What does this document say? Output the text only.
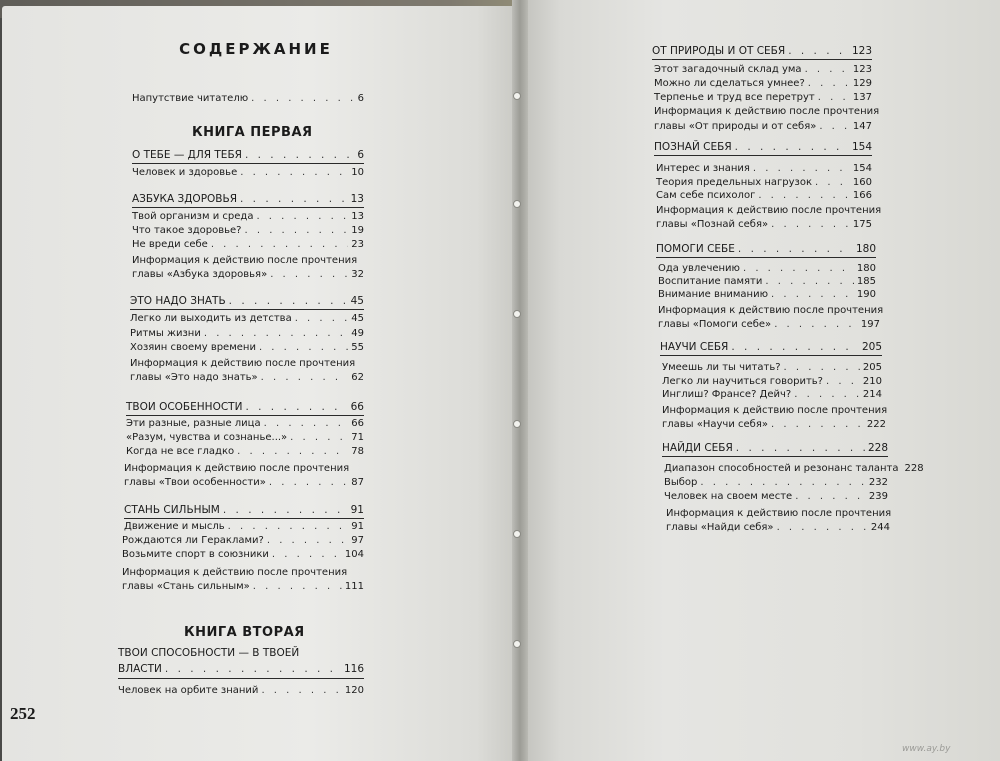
СОДЕРЖАНИЕ
Напутствие читателю . . .	6
КНИГА ПЕРВАЯ
О ТЕБЕ — ДЛЯ ТЕБЯ . . .	6
Человек и здоровье . . .	10
АЗБУКА ЗДОРОВЬЯ . . .	13
Твой организм и среда . . .	13
Что такое здоровье? . . .	19
Не вреди себе . . .	23
Информация к действию после прочтения
главы «Азбука здоровья» . . .	32
ЭТО НАДО ЗНАТЬ . . .	45
Легко ли выходить из детства . . .	45
Ритмы жизни . . .	49
Хозяин своему времени . . .	55
Информация к действию после прочтения
главы «Это надо знать» . . .	62
ТВОИ ОСОБЕННОСТИ . . .	66
Эти разные, разные лица . . .	66
«Разум, чувства и сознанье...» . . .	71
Когда не все гладко . . .	78
Информация к действию после прочтения
главы «Твои особенности» . . .	87
СТАНЬ СИЛЬНЫМ . . .	91
Движение и мысль . . .	91
Рождаются ли Гераклами? . . .	97
Возьмите спорт в союзники . . .	104
Информация к действию после прочтения
главы «Стань сильным» . . .	111
КНИГА ВТОРАЯ
ТВОИ СПОСОБНОСТИ — В ТВОЕЙ
ВЛАСТИ . . .	116
Человек на орбите знаний . . .	120
252
ОТ ПРИРОДЫ И ОТ СЕБЯ . . .	123
Этот загадочный склад ума . . .	123
Можно ли сделаться умнее? . . .	129
Терпенье и труд все перетрут . . .	137
Информация к действию после прочтения
главы «От природы и от себя» . . .	147
ПОЗНАЙ СЕБЯ . . .	154
Интерес и знания . . .	154
Теория предельных нагрузок . . .	160
Сам себе психолог . . .	166
Информация к действию после прочтения
главы «Познай себя» . . .	175
ПОМОГИ СЕБЕ . . .	180
Ода увлечению . . .	180
Воспитание памяти . . .	185
Внимание вниманию . . .	190
Информация к действию после прочтения
главы «Помоги себе» . . .	197
НАУЧИ СЕБЯ . . .	205
Умеешь ли ты читать? . . .	205
Легко ли научиться говорить? . . .	210
Инглиш? Франсе? Дейч? . . .	214
Информация к действию после прочтения
главы «Научи себя» . . .	222
НАЙДИ СЕБЯ . . .	228
Диапазон способностей и резонанс таланта 228
Выбор . . .	232
Человек на своем месте . . .	239
Информация к действию после прочтения
главы «Найди себя» . . .	244
www.ay.by
